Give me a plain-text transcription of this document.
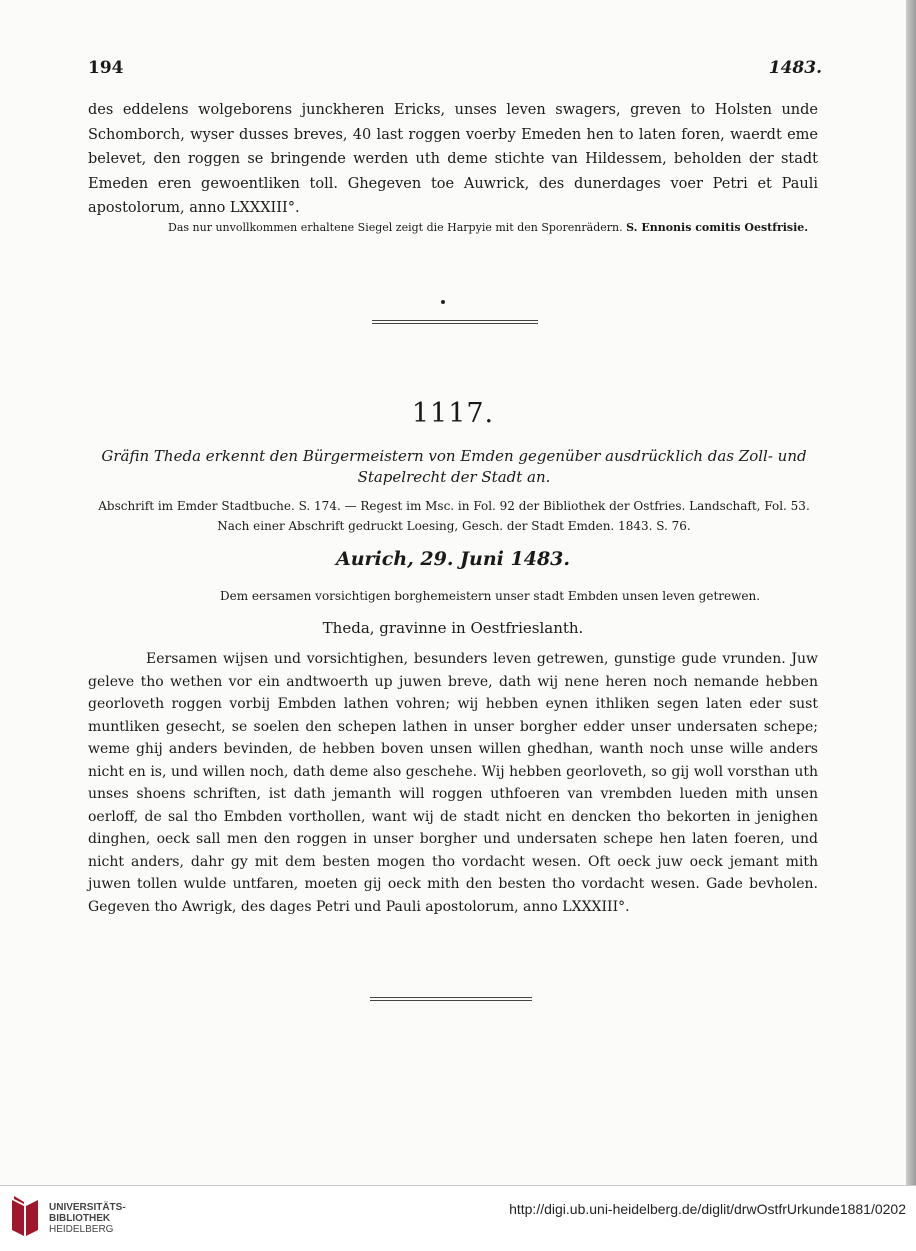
194	1483.

des eddelens wolgeborens junckheren Ericks, unses leven swagers, greven to Holsten unde Schomborch, wyser dusses breves, 40 last roggen voerby Emeden hen to laten foren, waerdt eme belevet, den roggen se bringende werden uth deme stichte van Hildessem, beholden der stadt Emeden eren gewoentliken toll. Ghegeven toe Auwrick, des dunerdages voer Petri et Pauli apostolorum, anno LXXXIII°.

Das nur unvollkommen erhaltene Siegel zeigt die Harpyie mit den Sporenrädern. S. Ennonis comitis Oestfrisie.

1117.

Gräfin Theda erkennt den Bürgermeistern von Emden gegenüber ausdrücklich das Zoll- und Stapelrecht der Stadt an.

Abschrift im Emder Stadtbuche. S. 174. — Regest im Msc. in Fol. 92 der Bibliothek der Ostfries. Landschaft, Fol. 53. Nach einer Abschrift gedruckt Loesing, Gesch. der Stadt Emden. 1843. S. 76.

Aurich, 29. Juni 1483.
Dem eersamen vorsichtigen borghemeistern unser stadt Embden unsen leven getrewen.
Theda, gravinne in Oestfrieslanth.

Eersamen wijsen und vorsichtighen, besunders leven getrewen, gunstige gude vrunden. Juw geleve tho wethen vor ein andtwoerth up juwen breve, dath wij nene heren noch nemande hebben georloveth roggen vorbij Embden lathen vohren; wij hebben eynen ithliken segen laten eder sust muntliken gesecht, se soelen den schepen lathen in unser borgher edder unser undersaten schepe; weme ghij anders bevinden, de hebben boven unsen willen ghedhan, wanth noch unse wille anders nicht en is, und willen noch, dath deme also geschehe. Wij hebben georloveth, so gij woll vorsthan uth unses shoens schriften, ist dath jemanth will roggen uthfoeren van vrembden lueden mith unsen oerloff, de sal tho Embden vorthollen, want wij de stadt nicht en dencken tho bekorten in jenighen dinghen, oeck sall men den roggen in unser borgher und undersaten schepe hen laten foeren, und nicht anders, dahr gy mit dem besten mogen tho vordacht wesen. Oft oeck juw oeck jemant mith juwen tollen wulde untfaren, moeten gij oeck mith den besten tho vordacht wesen. Gade bevholen. Gegeven tho Awrigk, des dages Petri und Pauli apostolorum, anno LXXXIII°.

UNIVERSITÄTS-
BIBLIOTHEK
HEIDELBERG
http://digi.ub.uni-heidelberg.de/diglit/drwOstfrUrkunde1881/0202
